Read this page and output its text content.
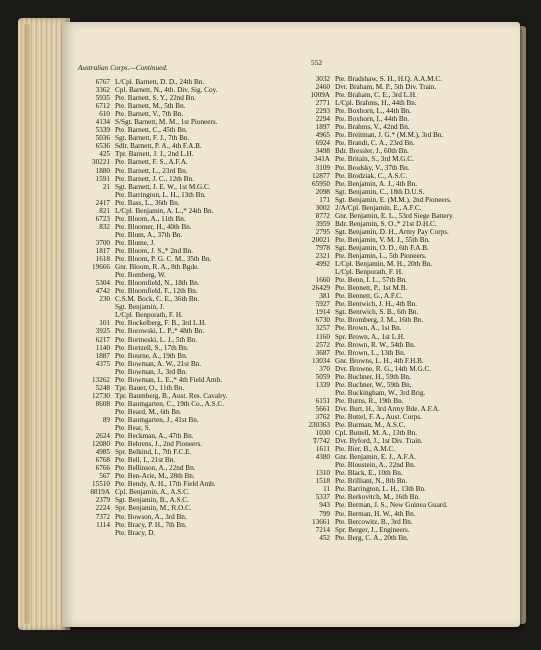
Australian Corps.—Continued.
552
6767 L/Cpl. Barnett, D. D., 24th Bn.
3362 Cpl. Barnett, N., 4th. Div. Sig. Coy.
5935 Pte. Barnett, S. Y., 22nd Bn.
6712 Pte. Barnett, M., 5th Bn.
610 Pte. Barnett, V., 7th Bn.
4134 S/Sgt. Barnett, M. M., 1st Pioneers.
5339 Pte. Barnett, C., 45th Bn.
5036 Sgt. Barnett, F. J., 7th Bn.
6536 Sdlr. Barnett, P. A., 4th F.A.B.
425 Tpr. Barnett, J. J., 2nd L.H.
30221 Pte. Barnett, F. S., A.F.A.
1880 Pte. Barnett, L., 23rd Bn.
1591 Pte. Barnett, J. C., 12th Bn.
21 Sgt. Barnett, J. E. W., 1st M.G.C.
Pte. Barrington, L. H., 13th Bn.
2417 Pte. Bass, L., 36th Bn.
821 L/Cpl. Benjamin, A. L.,* 24th Bn.
6723 Pte. Bloom, A., 11th Bn.
832 Pte. Bloomer, H., 40th Bn.
Pte. Blum, A., 37th Bn.
3700 Pte. Blume, J.
1817 Pte. Bloom, J. S.,* 2nd Bn.
1618 Pte. Bloom, P. G. C. M., 35th Bn.
19666 Gnr. Bloom, R. A., 8th Bgde.
Pte. Bomberg, W.
5304 Pte. Bloomfield, N., 18th Bn.
4742 Pte. Bloomfield, F., 12th Bn.
230 C.S.M. Bock, C. E., 36th Bn.
Sgt. Benjamin, J.
L/Cpl. Benporath, F. H.
101 Pte. Bockelberg, F. B., 3rd L.H.
3925 Pte. Borowski, L. P.,* 48th Bn.
6217 Pte. Bortnoski, L. J., 5th Bn.
1140 Pte. Bortzell, S., 17th Bn.
1887 Pte. Bourne, A., 19th Bn.
4375 Pte. Bowman, A. W., 21st Bn.
Pte. Bowman, J., 3rd Bn.
13262 Pte. Bowman, L. E.,* 4th Field Amb.
5248 Tpr. Bauer, O., 11th Bn.
12730 Tpr. Baumberg, B., Aust. Res. Cavalry.
8608 Pte. Baumgarten, C., 19th Co., A.S.C.
Pte. Beard, M., 6th Bn.
89 Pte. Baumgarten, J., 41st Bn.
Pte. Bear, S.
2624 Pte. Beckman, A., 47th Bn.
12080 Pte. Behrens, J., 2nd Pioneers.
4985 Spr. Belkind, I., 7th F.C.E.
6768 Pte. Bell, I., 21st Bn.
6766 Pte. Bellinson, A., 22nd Bn.
567 Pte. Ben-Arie, M., 28th Bn.
15510 Pte. Bendy, A. H., 17th Field Amb.
8819A Cpl. Benjamin, A., A.S.C.
2379 Sgt. Benjamin, B., A.S.C.
2224 Spr. Benjamin, M., R.O.C.
7372 Pte. Bowson, A., 3rd Bn.
1114 Pte. Bracy, P. H., 7th Bn.
Pte. Bracy, D.
3032 Pte. Bradshaw, S. H., H.Q. A.A.M.C.
2460 Dvr. Braham, M. P., 5th Div. Train.
1009A Pte. Braham, C. E., 3rd L.H.
2771 L/Cpl. Brahms, H., 44th Bn.
2293 Pte. Boxhorn, L., 44th Bn.
2294 Pte. Boxhorn, I., 44th Bn.
1897 Pte. Brahms, V., 42nd Bn.
4965 Pte. Breitman, J. G.* (M.M.), 3rd Bn.
6924 Pte. Brandt, C. A., 23rd Bn.
3498 Bdr. Bressler, J., 60th Bn.
341A Pte. Britain, S., 3rd M.G.C.
3109 Pte. Brodsky, V., 37th Bn.
12877 Pte. Brodziak, C., A.S.C.
65950 Pte. Benjamin, A. J., 4th Bn.
2098 Sgt. Benjamin, C., 18th D.U.S.
171 Sgt. Benjamin, E. (M.M.), 2nd Pioneers.
3002 2/A/Cpl. Benjamin, E., A.F.C.
8772 Gnr. Benjamin, E. L., 53rd Siege Battery.
3959 Bdr. Benjamin, S. O.,* 21st D.H.C.
2795 Sgt. Benjamin, D. H., Army Pay Corps.
20021 Pte. Benjamin, V. M. J., 55th Bn.
7978 Sgt. Benjamin, O. D., 6th F.A.B.
2321 Pte. Benjamin, L., 5th Pioneers.
4992 L/Cpl. Benjamin, M. H., 20th Bn.
L/Cpl. Benporath, F. H.
1660 Pte. Benn, I. L., 57th Bn.
26429 Pte. Bennett, P., 1st M.B.
381 Pte. Bennett, G., A.F.C.
5927 Pte. Bentwich, J. H., 4th Bn.
1914 Sgt. Bentwich, S. B., 6th Bn.
6730 Pte. Bromberg, J. M., 16th Bn.
3257 Pte. Brown, A., 1st Bn.
1160 Spr. Brown, A., 1st L.H.
2572 Pte. Brown, R. W., 54th Bn.
3687 Pte. Brown, L., 13th Bn.
13034 Gnr. Browns, L. H., 4th F.H.B.
370 Dvr. Browne, R. G., 14th M.G.C.
5059 Pte. Buchner, H., 59th Bn.
1339 Pte. Buchner, W., 59th Bn.
Pte. Buckingham, W., 3rd Brig.
6151 Pte. Burns, R., 19th Bn.
5661 Dvr. Burt, H., 3rd Army Bde. A.F.A.
3762 Pte. Buttel, F. A., Aust. Corps.
230363 Pte. Burman, M., A.S.C.
1030 Cpl. Buttell, M. A., 13th Bn.
T/742 Dvr. Byford, J., 1st Div. Train.
1611 Pte. Bier, B., A.M.C.
4380 Gnr. Benjamin, E. J., A.F.A.
Pte. Bloustein, A., 22nd Bn.
1310 Pte. Black, E., 10th Bn.
1518 Pte. Brilliant, N., 8th Bn.
11 Pte. Barrington, L. H., 13th Bn.
5337 Pte. Berkovitch, M., 16th Bn.
943 Pte. Berman, J. S., New Guinea Guard.
799 Pte. Berman, H. W., 4th Bn.
13661 Pte. Bercowitz, B., 3rd Bn.
7214 Spr. Berger, J., Engineers.
452 Pte. Berg, C. A., 20th Bn.
